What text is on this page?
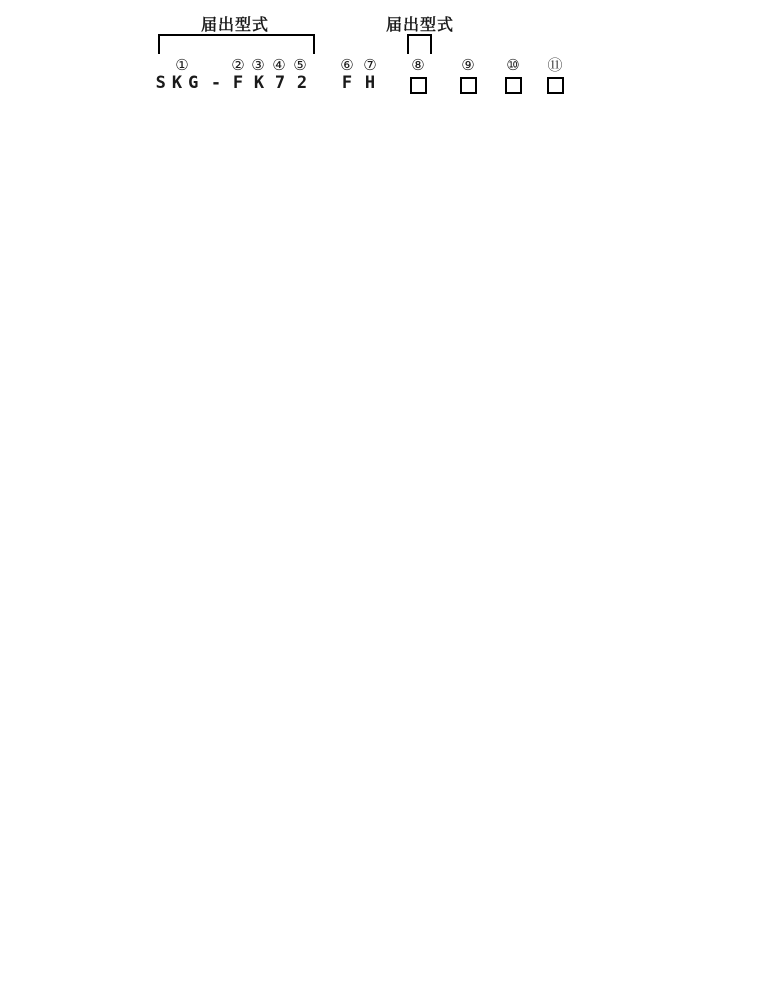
届出型式	届出型式
①	② ③ ④ ⑤	⑥ ⑦	⑧	⑨	⑩	⑪
SKG - F K 7 2	F H
